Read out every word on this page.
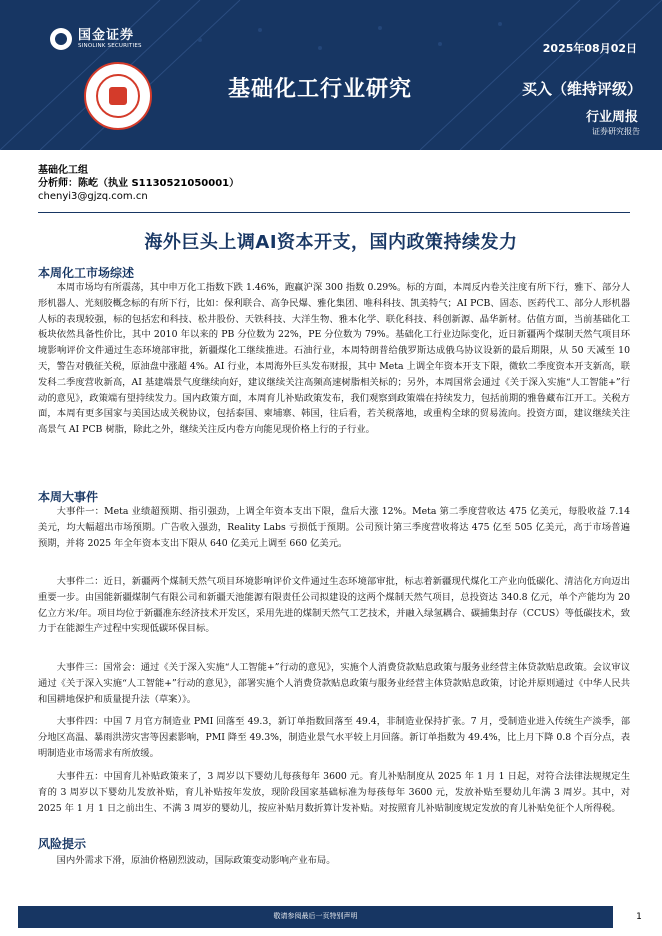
国金证券
SINOLINK SECURITIES	2025年08月02日
基础化工行业研究	买入（维持评级）
行业周报
证券研究报告
基础化工组
分析师：陈屹（执业 S1130521050001）
chenyi3@gjzq.com.cn
海外巨头上调AI资本开支，国内政策持续发力
本周化工市场综述

本周市场均有所震荡，其中申万化工指数下跌 1.46%，跑赢沪深 300 指数 0.29%。标的方面，本周反内卷关注度有所下行，雅下、部分人形机器人、光刻胶概念标的有所下行，比如：保利联合、高争民爆、雅化集团、唯科科技、凯美特气；AI PCB、固态、医药代工、部分人形机器人标的表现较强，标的包括宏和科技、松井股份、天铁科技、大洋生物、雅本化学、联化科技、科创新源、晶华新材。估值方面，当前基础化工板块依然具备性价比，其中 2010 年以来的 PB 分位数为 22%，PE 分位数为 79%。基础化工行业边际变化，近日新疆两个煤制天然气项目环境影响评价文件通过生态环境部审批，新疆煤化工继续推进。石油行业，本周特朗普给俄罗斯达成俄乌协议设新的最后期限，从 50 天减至 10 天，警告对俄征关税，原油盘中涨超 4%。AI 行业，本周海外巨头发布财报，其中 Meta 上调全年资本开支下限，微软二季度资本开支新高，联发科二季度营收新高，AI 基建端景气度继续向好，建议继续关注高频高速树脂相关标的；另外，本周国常会通过《关于深入实施“人工智能+”行动的意见》，政策端有望持续发力。国内政策方面，本周育儿补贴政策发布，我们观察到政策端在持续发力，包括前期的雅鲁藏布江开工。关税方面，本周有更多国家与美国达成关税协议，包括泰国、柬埔寨、韩国，往后看，若关税落地，或重构全球的贸易流向。投资方面，建议继续关注高景气 AI PCB 树脂，除此之外，继续关注反内卷方向能见现价格上行的子行业。

本周大事件

大事件一：Meta 业绩超预期、指引强劲，上调全年资本支出下限，盘后大涨 12%。Meta 第二季度营收达 475 亿美元，每股收益 7.14 美元，均大幅超出市场预期。广告收入强劲，Reality Labs 亏损低于预期。公司预计第三季度营收将达 475 亿至 505 亿美元，高于市场普遍预期，并将 2025 年全年资本支出下限从 640 亿美元上调至 660 亿美元。

大事件二：近日，新疆两个煤制天然气项目环境影响评价文件通过生态环境部审批，标志着新疆现代煤化工产业向低碳化、清洁化方向迈出重要一步。由国能新疆煤制气有限公司和新疆天池能源有限责任公司拟建设的这两个煤制天然气项目，总投资达 340.8 亿元，单个产能均为 20 亿立方米/年。项目均位于新疆准东经济技术开发区，采用先进的煤制天然气工艺技术，并融入绿氢耦合、碳捕集封存（CCUS）等低碳技术，致力于在能源生产过程中实现低碳环保目标。

大事件三：国常会：通过《关于深入实施“人工智能+”行动的意见》，实施个人消费贷款贴息政策与服务业经营主体贷款贴息政策。会议审议通过《关于深入实施“人工智能+”行动的意见》，部署实施个人消费贷款贴息政策与服务业经营主体贷款贴息政策，讨论并原则通过《中华人民共和国耕地保护和质量提升法（草案）》。

大事件四：中国 7 月官方制造业 PMI 回落至 49.3，新订单指数回落至 49.4，非制造业保持扩张。7 月，受制造业进入传统生产淡季，部分地区高温、暴雨洪涝灾害等因素影响，PMI 降至 49.3%，制造业景气水平较上月回落。新订单指数为 49.4%，比上月下降 0.8 个百分点，表明制造业市场需求有所放缓。

大事件五：中国育儿补贴政策来了，3 周岁以下婴幼儿每孩每年 3600 元。育儿补贴制度从 2025 年 1 月 1 日起，对符合法律法规规定生育的 3 周岁以下婴幼儿发放补贴，育儿补贴按年发放，现阶段国家基础标准为每孩每年 3600 元，发放补贴至婴幼儿年满 3 周岁。其中，对 2025 年 1 月 1 日之前出生、不满 3 周岁的婴幼儿，按应补贴月数折算计发补贴。对按照育儿补贴制度规定发放的育儿补贴免征个人所得税。

风险提示

国内外需求下滑，原油价格剧烈波动，国际政策变动影响产业布局。

敬请参阅最后一页特别声明	1
